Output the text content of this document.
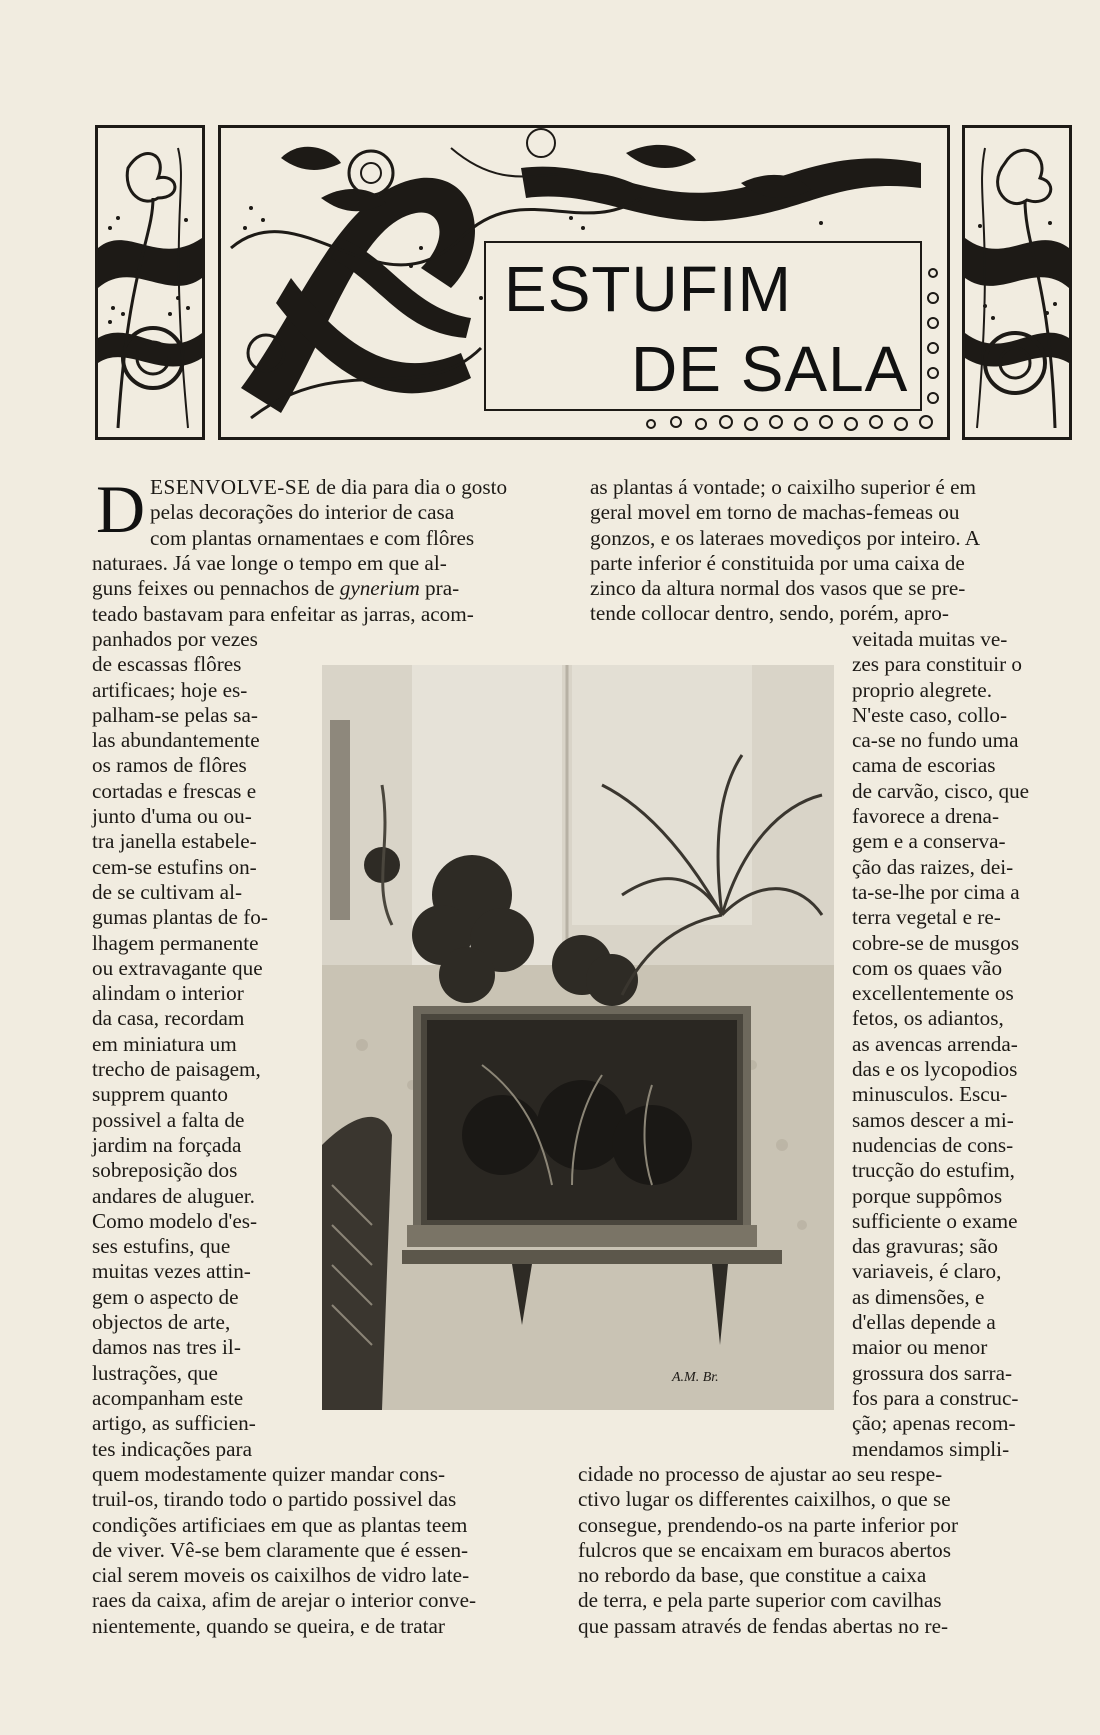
ESTUFIM
DE SALA
D ESENVOLVE-SE de dia para dia o gosto
pelas decorações do interior de casa
com plantas ornamentaes e com flôres
naturaes. Já vae longe o tempo em que al-
guns feixes ou pennachos de gynerium pra-
teado bastavam para enfeitar as jarras, acom-
panhados por vezes
de escassas flôres
artificaes; hoje es-
palham-se pelas sa-
las abundantemente
os ramos de flôres
cortadas e frescas e
junto d'uma ou ou-
tra janella estabele-
cem-se estufins on-
de se cultivam al-
gumas plantas de fo-
lhagem permanente
ou extravagante que
alindam o interior
da casa, recordam
em miniatura um
trecho de paisagem,
supprem quanto
possivel a falta de
jardim na forçada
sobreposição dos
andares de aluguer.
Como modelo d'es-
ses estufins, que
muitas vezes attin-
gem o aspecto de
objectos de arte,
damos nas tres il-
lustrações, que
acompanham este
artigo, as sufficien-
tes indicações para
quem modestamente quizer mandar cons-
truil-os, tirando todo o partido possivel das
condições artificiaes em que as plantas teem
de viver. Vê-se bem claramente que é essen-
cial serem moveis os caixilhos de vidro late-
raes da caixa, afim de arejar o interior conve-
nientemente, quando se queira, e de tratar
as plantas á vontade; o caixilho superior é em
geral movel em torno de machas-femeas ou
gonzos, e os lateraes movediços por inteiro. A
parte inferior é constituida por uma caixa de
zinco da altura normal dos vasos que se pre-
tende collocar dentro, sendo, porém, apro-
veitada muitas ve-
zes para constituir o
proprio alegrete.
N'este caso, collo-
ca-se no fundo uma
cama de escorias
de carvão, cisco, que
favorece a drena-
gem e a conserva-
ção das raizes, dei-
ta-se-lhe por cima a
terra vegetal e re-
cobre-se de musgos
com os quaes vão
excellentemente os
fetos, os adiantos,
as avencas arrenda-
das e os lycopodios
minusculos. Escu-
samos descer a mi-
nudencias de cons-
trucção do estufim,
porque suppômos
sufficiente o exame
das gravuras; são
variaveis, é claro,
as dimensões, e
d'ellas depende a
maior ou menor
grossura dos sarra-
fos para a construc-
ção; apenas recom-
mendamos simpli-
cidade no processo de ajustar ao seu respe-
ctivo lugar os differentes caixilhos, o que se
consegue, prendendo-os na parte inferior por
fulcros que se encaixam em buracos abertos
no rebordo da base, que constitue a caixa
de terra, e pela parte superior com cavilhas
que passam através de fendas abertas no re-
A.M. Br.
